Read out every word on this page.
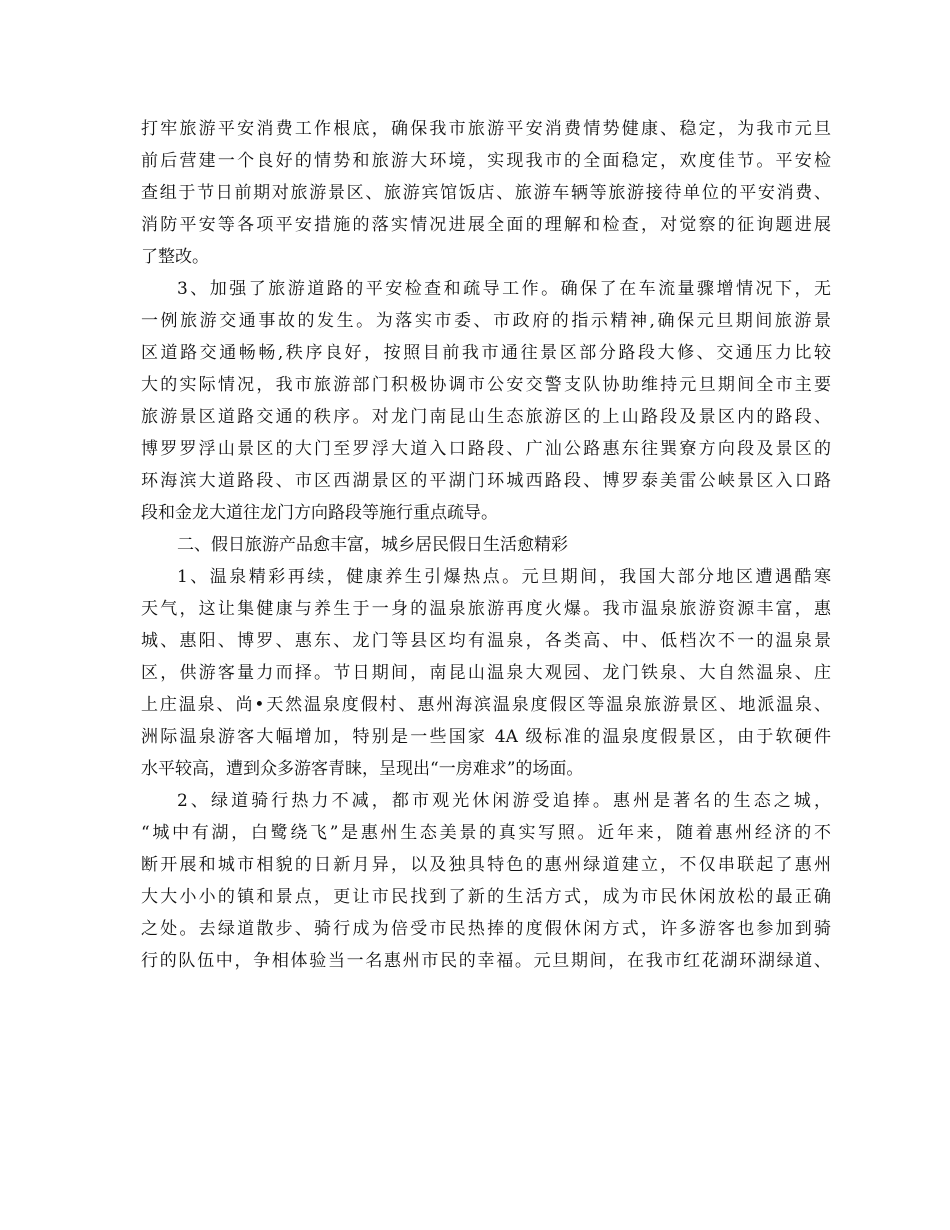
打牢旅游平安消费工作根底，确保我市旅游平安消费情势健康、稳定，为我市元旦
前后营建一个良好的情势和旅游大环境，实现我市的全面稳定，欢度佳节。平安检
查组于节日前期对旅游景区、旅游宾馆饭店、旅游车辆等旅游接待单位的平安消费、
消防平安等各项平安措施的落实情况进展全面的理解和检查，对觉察的征询题进展
了整改。
3、加强了旅游道路的平安检查和疏导工作。确保了在车流量骤增情况下，无
一例旅游交通事故的发生。为落实市委、市政府的指示精神,确保元旦期间旅游景
区道路交通畅畅,秩序良好，按照目前我市通往景区部分路段大修、交通压力比较
大的实际情况，我市旅游部门积极协调市公安交警支队协助维持元旦期间全市主要
旅游景区道路交通的秩序。对龙门南昆山生态旅游区的上山路段及景区内的路段、
博罗罗浮山景区的大门至罗浮大道入口路段、广汕公路惠东往巽寮方向段及景区的
环海滨大道路段、市区西湖景区的平湖门环城西路段、博罗泰美雷公峡景区入口路
段和金龙大道往龙门方向路段等施行重点疏导。
二、假日旅游产品愈丰富，城乡居民假日生活愈精彩
1、温泉精彩再续，健康养生引爆热点。元旦期间，我国大部分地区遭遇酷寒
天气，这让集健康与养生于一身的温泉旅游再度火爆。我市温泉旅游资源丰富，惠
城、惠阳、博罗、惠东、龙门等县区均有温泉，各类高、中、低档次不一的温泉景
区，供游客量力而择。节日期间，南昆山温泉大观园、龙门铁泉、大自然温泉、庄
上庄温泉、尚•天然温泉度假村、惠州海滨温泉度假区等温泉旅游景区、地派温泉、
洲际温泉游客大幅增加，特别是一些国家 4A 级标准的温泉度假景区，由于软硬件
水平较高，遭到众多游客青睐，呈现出“一房难求”的场面。
2、绿道骑行热力不减，都市观光休闲游受追捧。惠州是著名的生态之城，
“城中有湖，白鹭绕飞”是惠州生态美景的真实写照。近年来，随着惠州经济的不
断开展和城市相貌的日新月异，以及独具特色的惠州绿道建立，不仅串联起了惠州
大大小小的镇和景点，更让市民找到了新的生活方式，成为市民休闲放松的最正确
之处。去绿道散步、骑行成为倍受市民热捧的度假休闲方式，许多游客也参加到骑
行的队伍中，争相体验当一名惠州市民的幸福。元旦期间，在我市红花湖环湖绿道、
